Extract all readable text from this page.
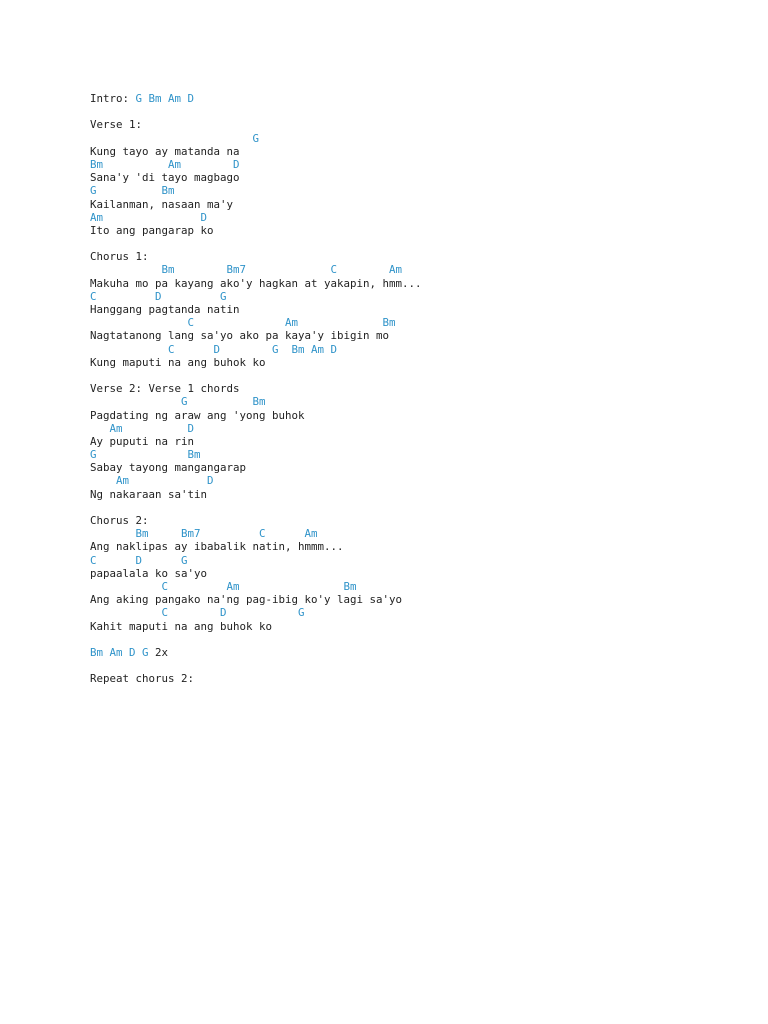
Intro: G Bm Am D
Verse 1:
G
Kung tayo ay matanda na
Bm          Am        D
Sana'y 'di tayo magbago
G          Bm
Kailanman, nasaan ma'y
Am               D
Ito ang pangarap ko
Chorus 1:
Bm        Bm7             C        Am
Makuha mo pa kayang ako'y hagkan at yakapin, hmm...
C         D         G
Hanggang pagtanda natin
C              Am             Bm
Nagtatanong lang sa'yo ako pa kaya'y ibigin mo
C      D        G  Bm Am D
Kung maputi na ang buhok ko
Verse 2: Verse 1 chords
G          Bm
Pagdating ng araw ang 'yong buhok
Am          D
Ay puputi na rin
G              Bm
Sabay tayong mangangarap
Am            D
Ng nakaraan sa'tin
Chorus 2:
Bm     Bm7         C      Am
Ang naklipas ay ibabalik natin, hmmm...
C      D      G
papaalala ko sa'yo
C         Am                Bm
Ang aking pangako na'ng pag-ibig ko'y lagi sa'yo
C        D           G
Kahit maputi na ang buhok ko
Bm Am D G 2x
Repeat chorus 2:
